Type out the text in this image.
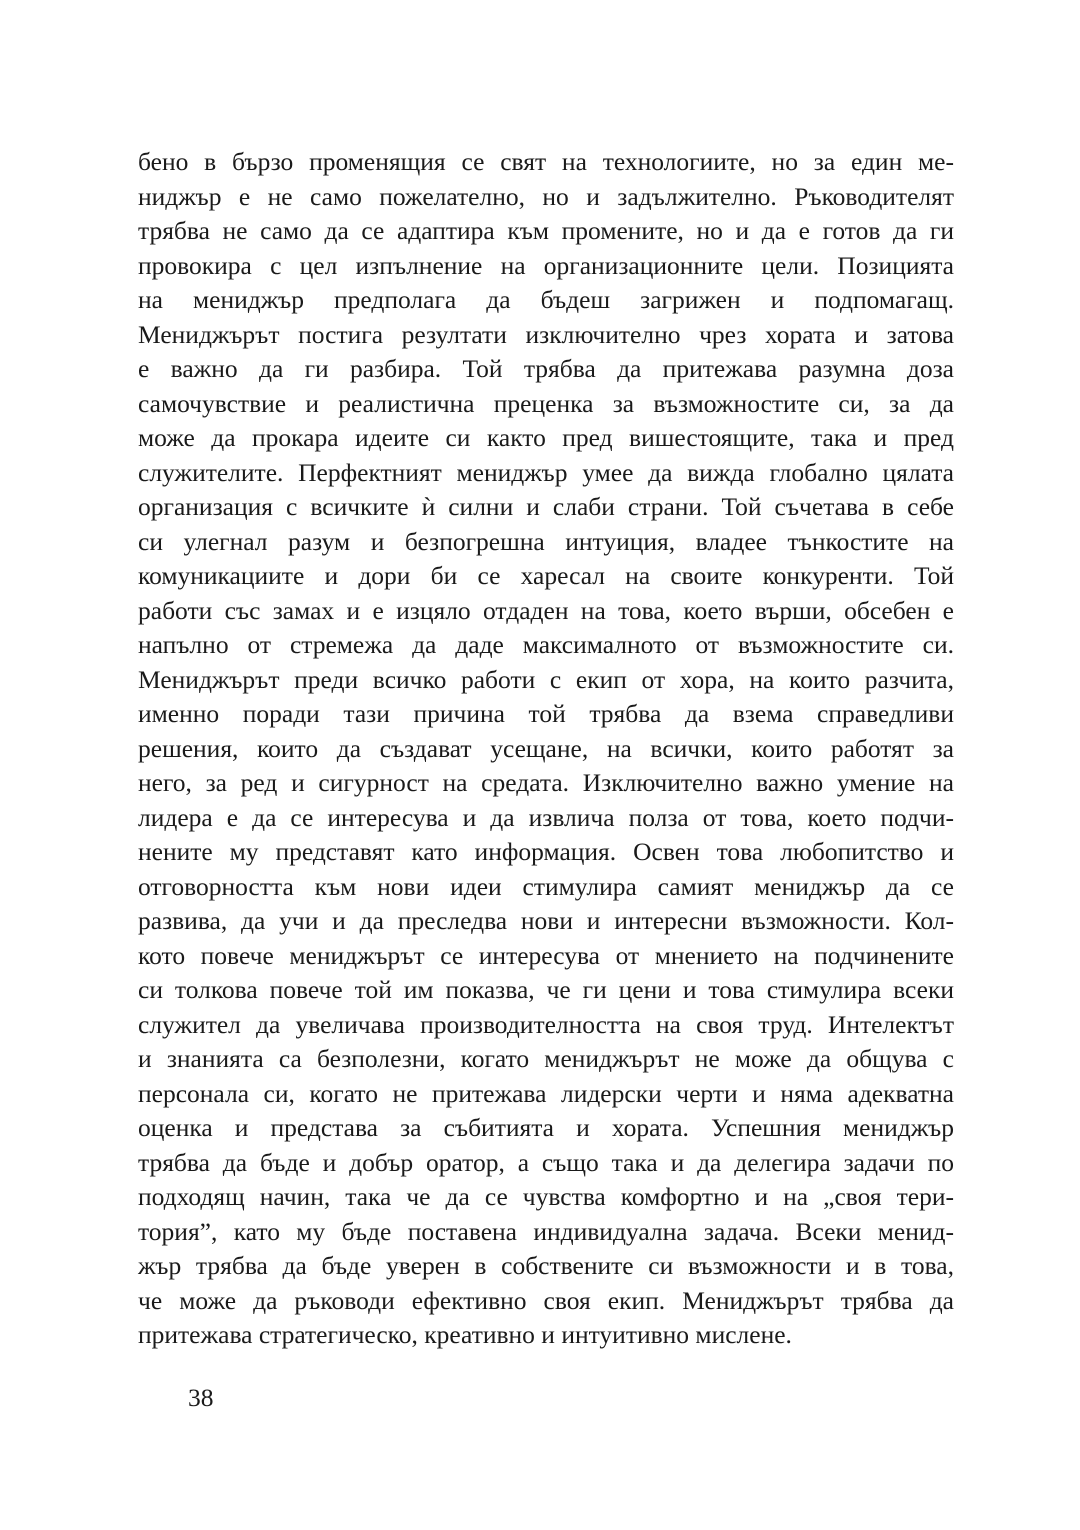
бено в бързо променящия се свят на технологиите, но за един ме-
ниджър е не само пожелателно, но и задължително. Ръководителят
трябва не само да се адаптира към промените, но и да е готов да ги
провокира с цел изпълнение на организационните цели. Позицията
на мениджър предполага да бъдеш загрижен и подпомагащ.
Мениджърът постига резултати изключително чрез хората и затова
е важно да ги разбира. Той трябва да притежава разумна доза
самочувствие и реалистична преценка за възможностите си, за да
може да прокара идеите си както пред вишестоящите, така и пред
служителите. Перфектният мениджър умее да вижда глобално цялата
организация с всичките ѝ силни и слаби страни. Той съчетава в себе
си улегнал разум и безпогрешна интуиция, владее тънкостите на
комуникациите и дори би се харесал на своите конкуренти. Той
работи със замах и е изцяло отдаден на това, което върши, обсебен е
напълно от стремежа да даде максималното от възможностите си.
Мениджърът преди всичко работи с екип от хора, на които разчита,
именно поради тази причина той трябва да взема справедливи
решения, които да създават усещане, на всички, които работят за
него, за ред и сигурност на средата. Изключително важно умение на
лидера е да се интересува и да извлича полза от това, което подчи-
нените му представят като информация. Освен това любопитство и
отговорността към нови идеи стимулира самият мениджър да се
развива, да учи и да преследва нови и интересни възможности. Кол-
кото повече мениджърът се интересува от мнението на подчинените
си толкова повече той им показва, че ги цени и това стимулира всеки
служител да увеличава производителността на своя труд. Интелектът
и знанията са безполезни, когато мениджърът не може да общува с
персонала си, когато не притежава лидерски черти и няма адекватна
оценка и представа за събитията и хората. Успешния мениджър
трябва да бъде и добър оратор, а също така и да делегира задачи по
подходящ начин, така че да се чувства комфортно и на „своя тери-
тория”, като му бъде поставена индивидуална задача. Всеки менид-
жър трябва да бъде уверен в собствените си възможности и в това,
че може да ръководи ефективно своя екип. Мениджърът трябва да
притежава стратегическо, креативно и интуитивно мислене.
38
